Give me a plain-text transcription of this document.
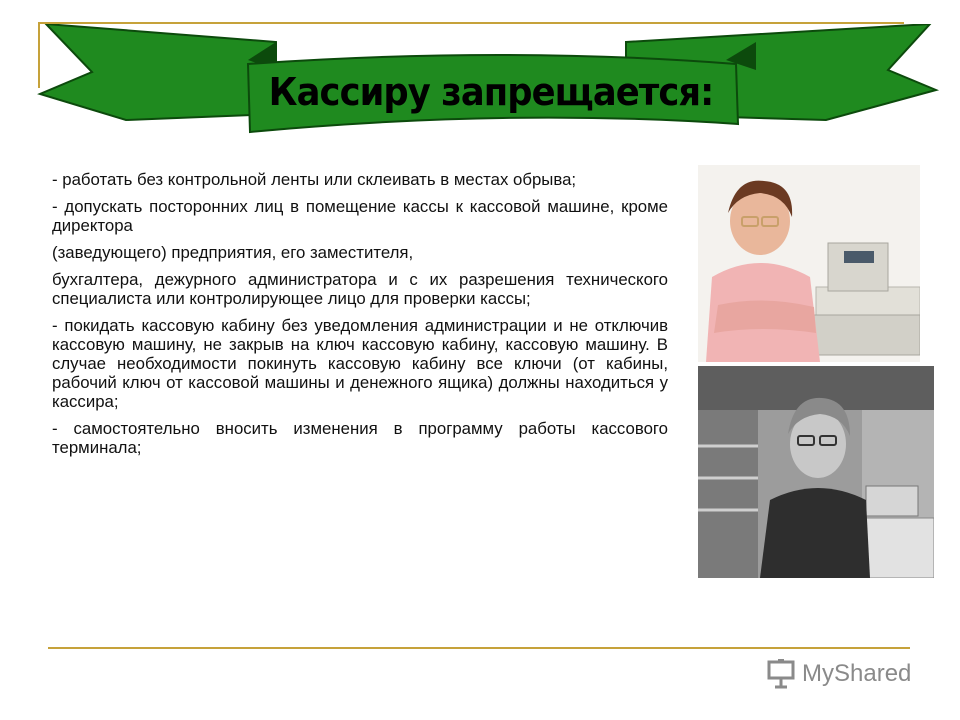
Кассиру запрещается:

- работать без контрольной ленты или склеивать в местах обрыва;

- допускать посторонних лиц в помещение кассы к кассовой машине, кроме директора

(заведующего) предприятия, его заместителя,

бухгалтера, дежурного администратора и с их разрешения технического специалиста или контролирующее лицо для проверки кассы;

- покидать кассовую кабину без уведомления администрации и не отключив кассовую машину, не закрыв на ключ кассовую кабину, кассовую машину. В случае необходимости покинуть кассовую кабину все ключи (от кабины, рабочий ключ от кассовой машины и денежного ящика) должны находиться у кассира;

- самостоятельно вносить изменения в программу работы кассового терминала;

MyShared
